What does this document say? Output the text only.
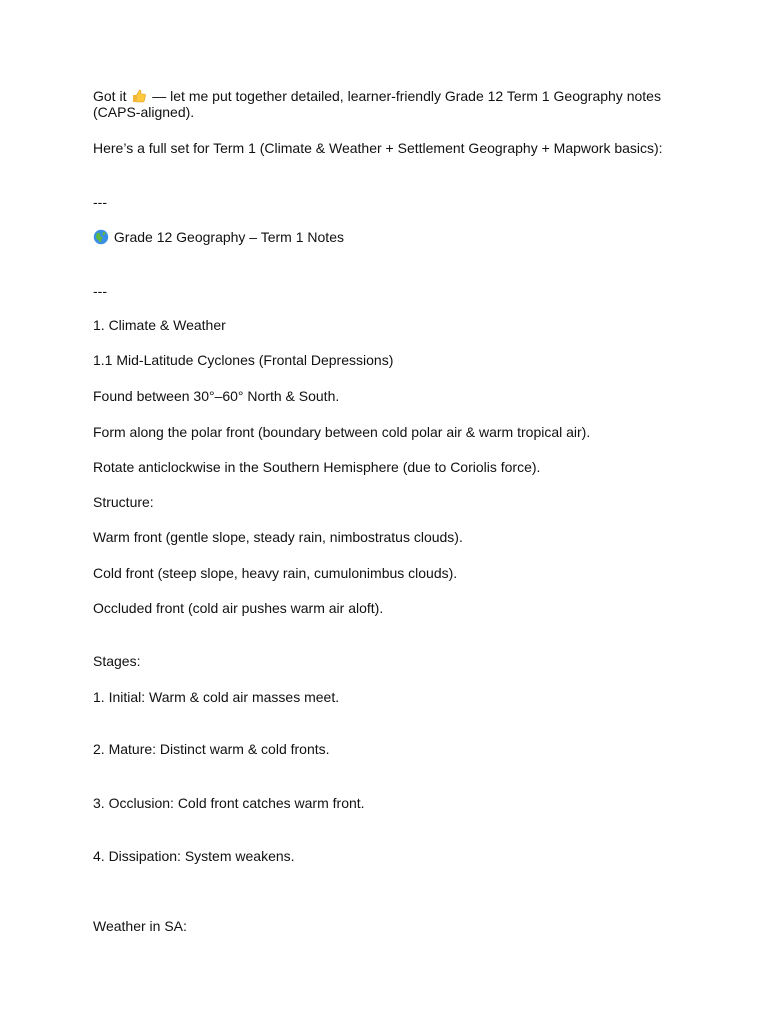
Got it — let me put together detailed, learner-friendly Grade 12 Term 1 Geography notes (CAPS-aligned).
Here’s a full set for Term 1 (Climate & Weather + Settlement Geography + Mapwork basics):
---
Grade 12 Geography – Term 1 Notes
---
1. Climate & Weather
1.1 Mid-Latitude Cyclones (Frontal Depressions)
Found between 30°–60° North & South.
Form along the polar front (boundary between cold polar air & warm tropical air).
Rotate anticlockwise in the Southern Hemisphere (due to Coriolis force).
Structure:
Warm front (gentle slope, steady rain, nimbostratus clouds).
Cold front (steep slope, heavy rain, cumulonimbus clouds).
Occluded front (cold air pushes warm air aloft).
Stages:
1. Initial: Warm & cold air masses meet.
2. Mature: Distinct warm & cold fronts.
3. Occlusion: Cold front catches warm front.
4. Dissipation: System weakens.
Weather in SA:
